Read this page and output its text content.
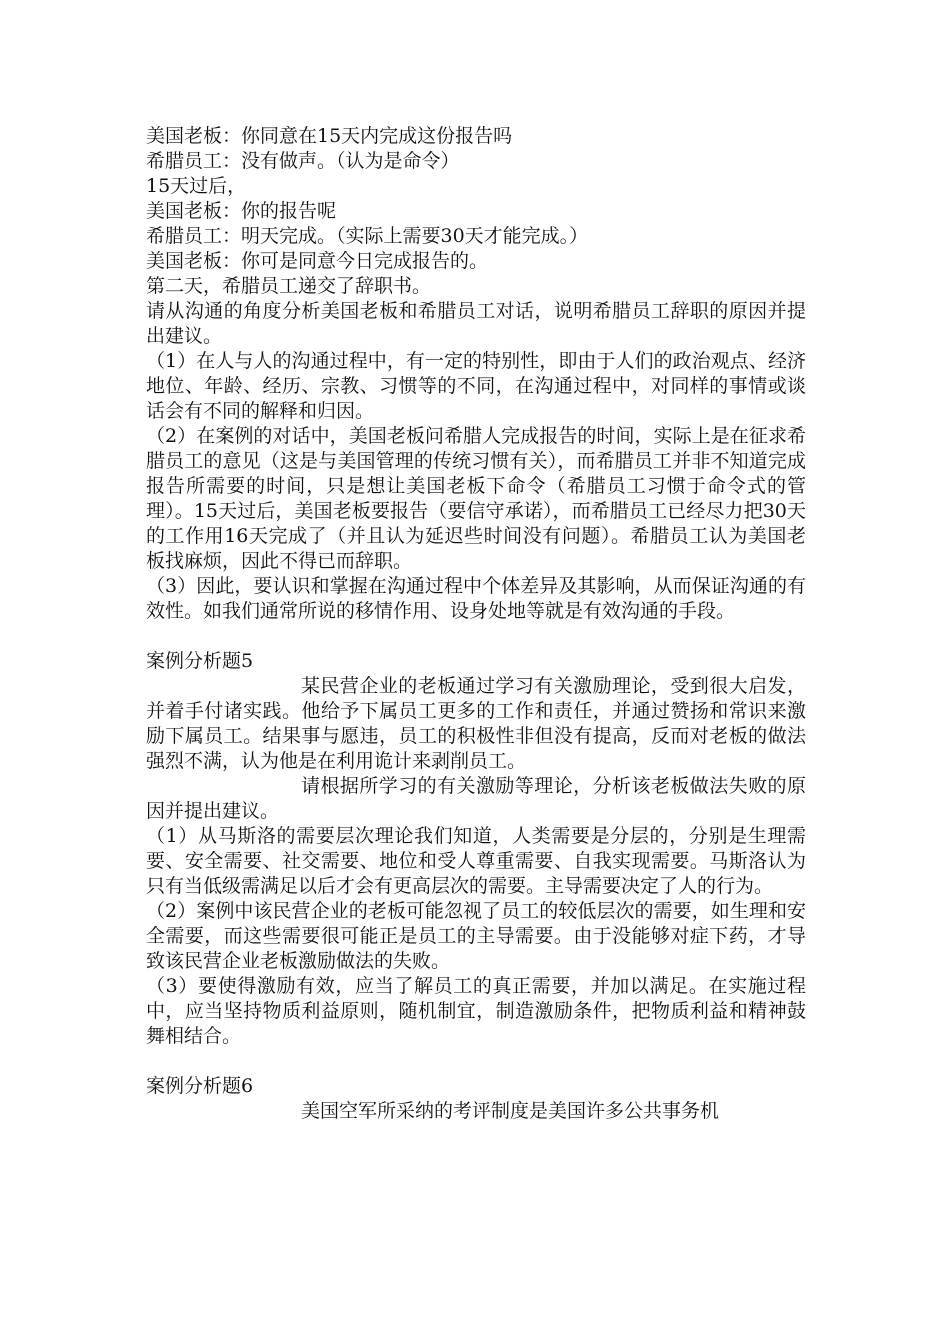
美国老板：你同意在15天内完成这份报告吗
希腊员工：没有做声。（认为是命令）
15天过后，
美国老板：你的报告呢
希腊员工：明天完成。（实际上需要30天才能完成。）
美国老板：你可是同意今日完成报告的。
第二天，希腊员工递交了辞职书。
请从沟通的角度分析美国老板和希腊员工对话，说明希腊员工辞职的原因并提出建议。
（1）在人与人的沟通过程中，有一定的特别性，即由于人们的政治观点、经济地位、年龄、经历、宗教、习惯等的不同，在沟通过程中，对同样的事情或谈话会有不同的解释和归因。
（2）在案例的对话中，美国老板问希腊人完成报告的时间，实际上是在征求希腊员工的意见（这是与美国管理的传统习惯有关），而希腊员工并非不知道完成报告所需要的时间，只是想让美国老板下命令（希腊员工习惯于命令式的管理）。15天过后，美国老板要报告（要信守承诺），而希腊员工已经尽力把30天的工作用16天完成了（并且认为延迟些时间没有问题）。希腊员工认为美国老板找麻烦，因此不得已而辞职。
（3）因此，要认识和掌握在沟通过程中个体差异及其影响，从而保证沟通的有效性。如我们通常所说的移情作用、设身处地等就是有效沟通的手段。
案例分析题5
某民营企业的老板通过学习有关激励理论，受到很大启发，并着手付诸实践。他给予下属员工更多的工作和责任，并通过赞扬和常识来激励下属员工。结果事与愿违，员工的积极性非但没有提高，反而对老板的做法强烈不满，认为他是在利用诡计来剥削员工。
请根据所学习的有关激励等理论，分析该老板做法失败的原因并提出建议。
（1）从马斯洛的需要层次理论我们知道，人类需要是分层的，分别是生理需要、安全需要、社交需要、地位和受人尊重需要、自我实现需要。马斯洛认为只有当低级需满足以后才会有更高层次的需要。主导需要决定了人的行为。
（2）案例中该民营企业的老板可能忽视了员工的较低层次的需要，如生理和安全需要，而这些需要很可能正是员工的主导需要。由于没能够对症下药，才导致该民营企业老板激励做法的失败。
（3）要使得激励有效，应当了解员工的真正需要，并加以满足。在实施过程中，应当坚持物质利益原则，随机制宜，制造激励条件，把物质利益和精神鼓舞相结合。
案例分析题6
美国空军所采纳的考评制度是美国许多公共事务机
